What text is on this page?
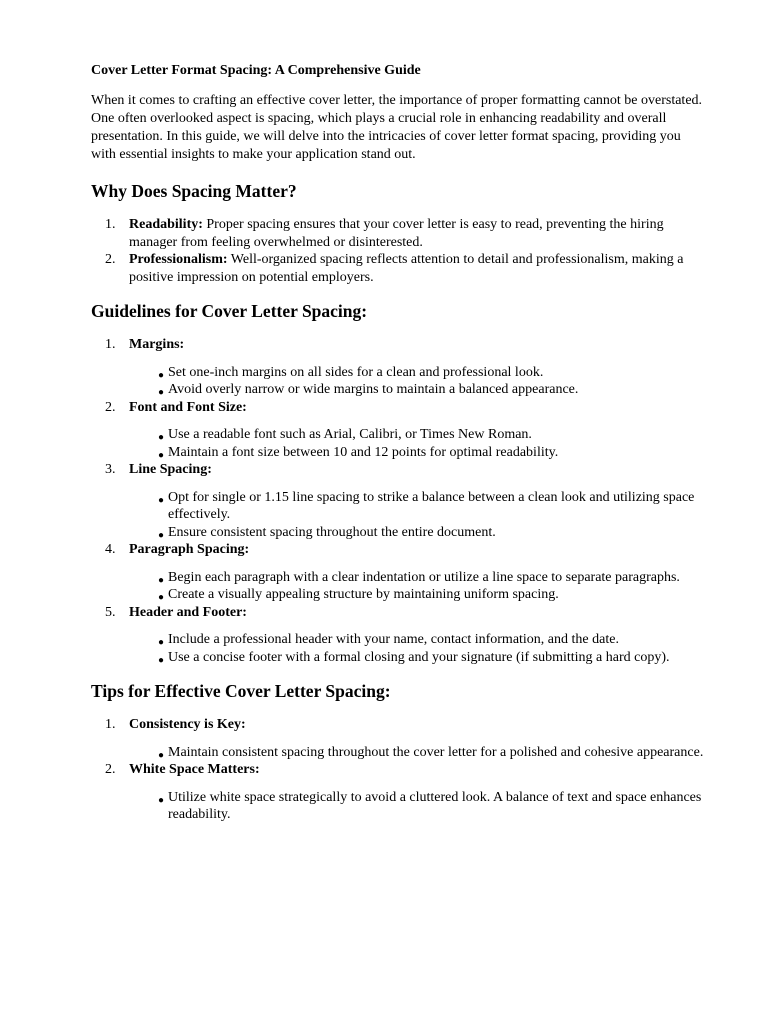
Cover Letter Format Spacing: A Comprehensive Guide

When it comes to crafting an effective cover letter, the importance of proper formatting cannot be overstated. One often overlooked aspect is spacing, which plays a crucial role in enhancing readability and overall presentation. In this guide, we will delve into the intricacies of cover letter format spacing, providing you with essential insights to make your application stand out.

Why Does Spacing Matter?
1. Readability: Proper spacing ensures that your cover letter is easy to read, preventing the hiring manager from feeling overwhelmed or disinterested.
2. Professionalism: Well-organized spacing reflects attention to detail and professionalism, making a positive impression on potential employers.
Guidelines for Cover Letter Spacing:
1. Margins:
● Set one-inch margins on all sides for a clean and professional look.
● Avoid overly narrow or wide margins to maintain a balanced appearance.
2. Font and Font Size:
● Use a readable font such as Arial, Calibri, or Times New Roman.
● Maintain a font size between 10 and 12 points for optimal readability.
3. Line Spacing:
● Opt for single or 1.15 line spacing to strike a balance between a clean look and utilizing space effectively.
● Ensure consistent spacing throughout the entire document.
4. Paragraph Spacing:
● Begin each paragraph with a clear indentation or utilize a line space to separate paragraphs.
● Create a visually appealing structure by maintaining uniform spacing.
5. Header and Footer:
● Include a professional header with your name, contact information, and the date.
● Use a concise footer with a formal closing and your signature (if submitting a hard copy).
Tips for Effective Cover Letter Spacing:
1. Consistency is Key:
● Maintain consistent spacing throughout the cover letter for a polished and cohesive appearance.
2. White Space Matters:
● Utilize white space strategically to avoid a cluttered look. A balance of text and space enhances readability.
